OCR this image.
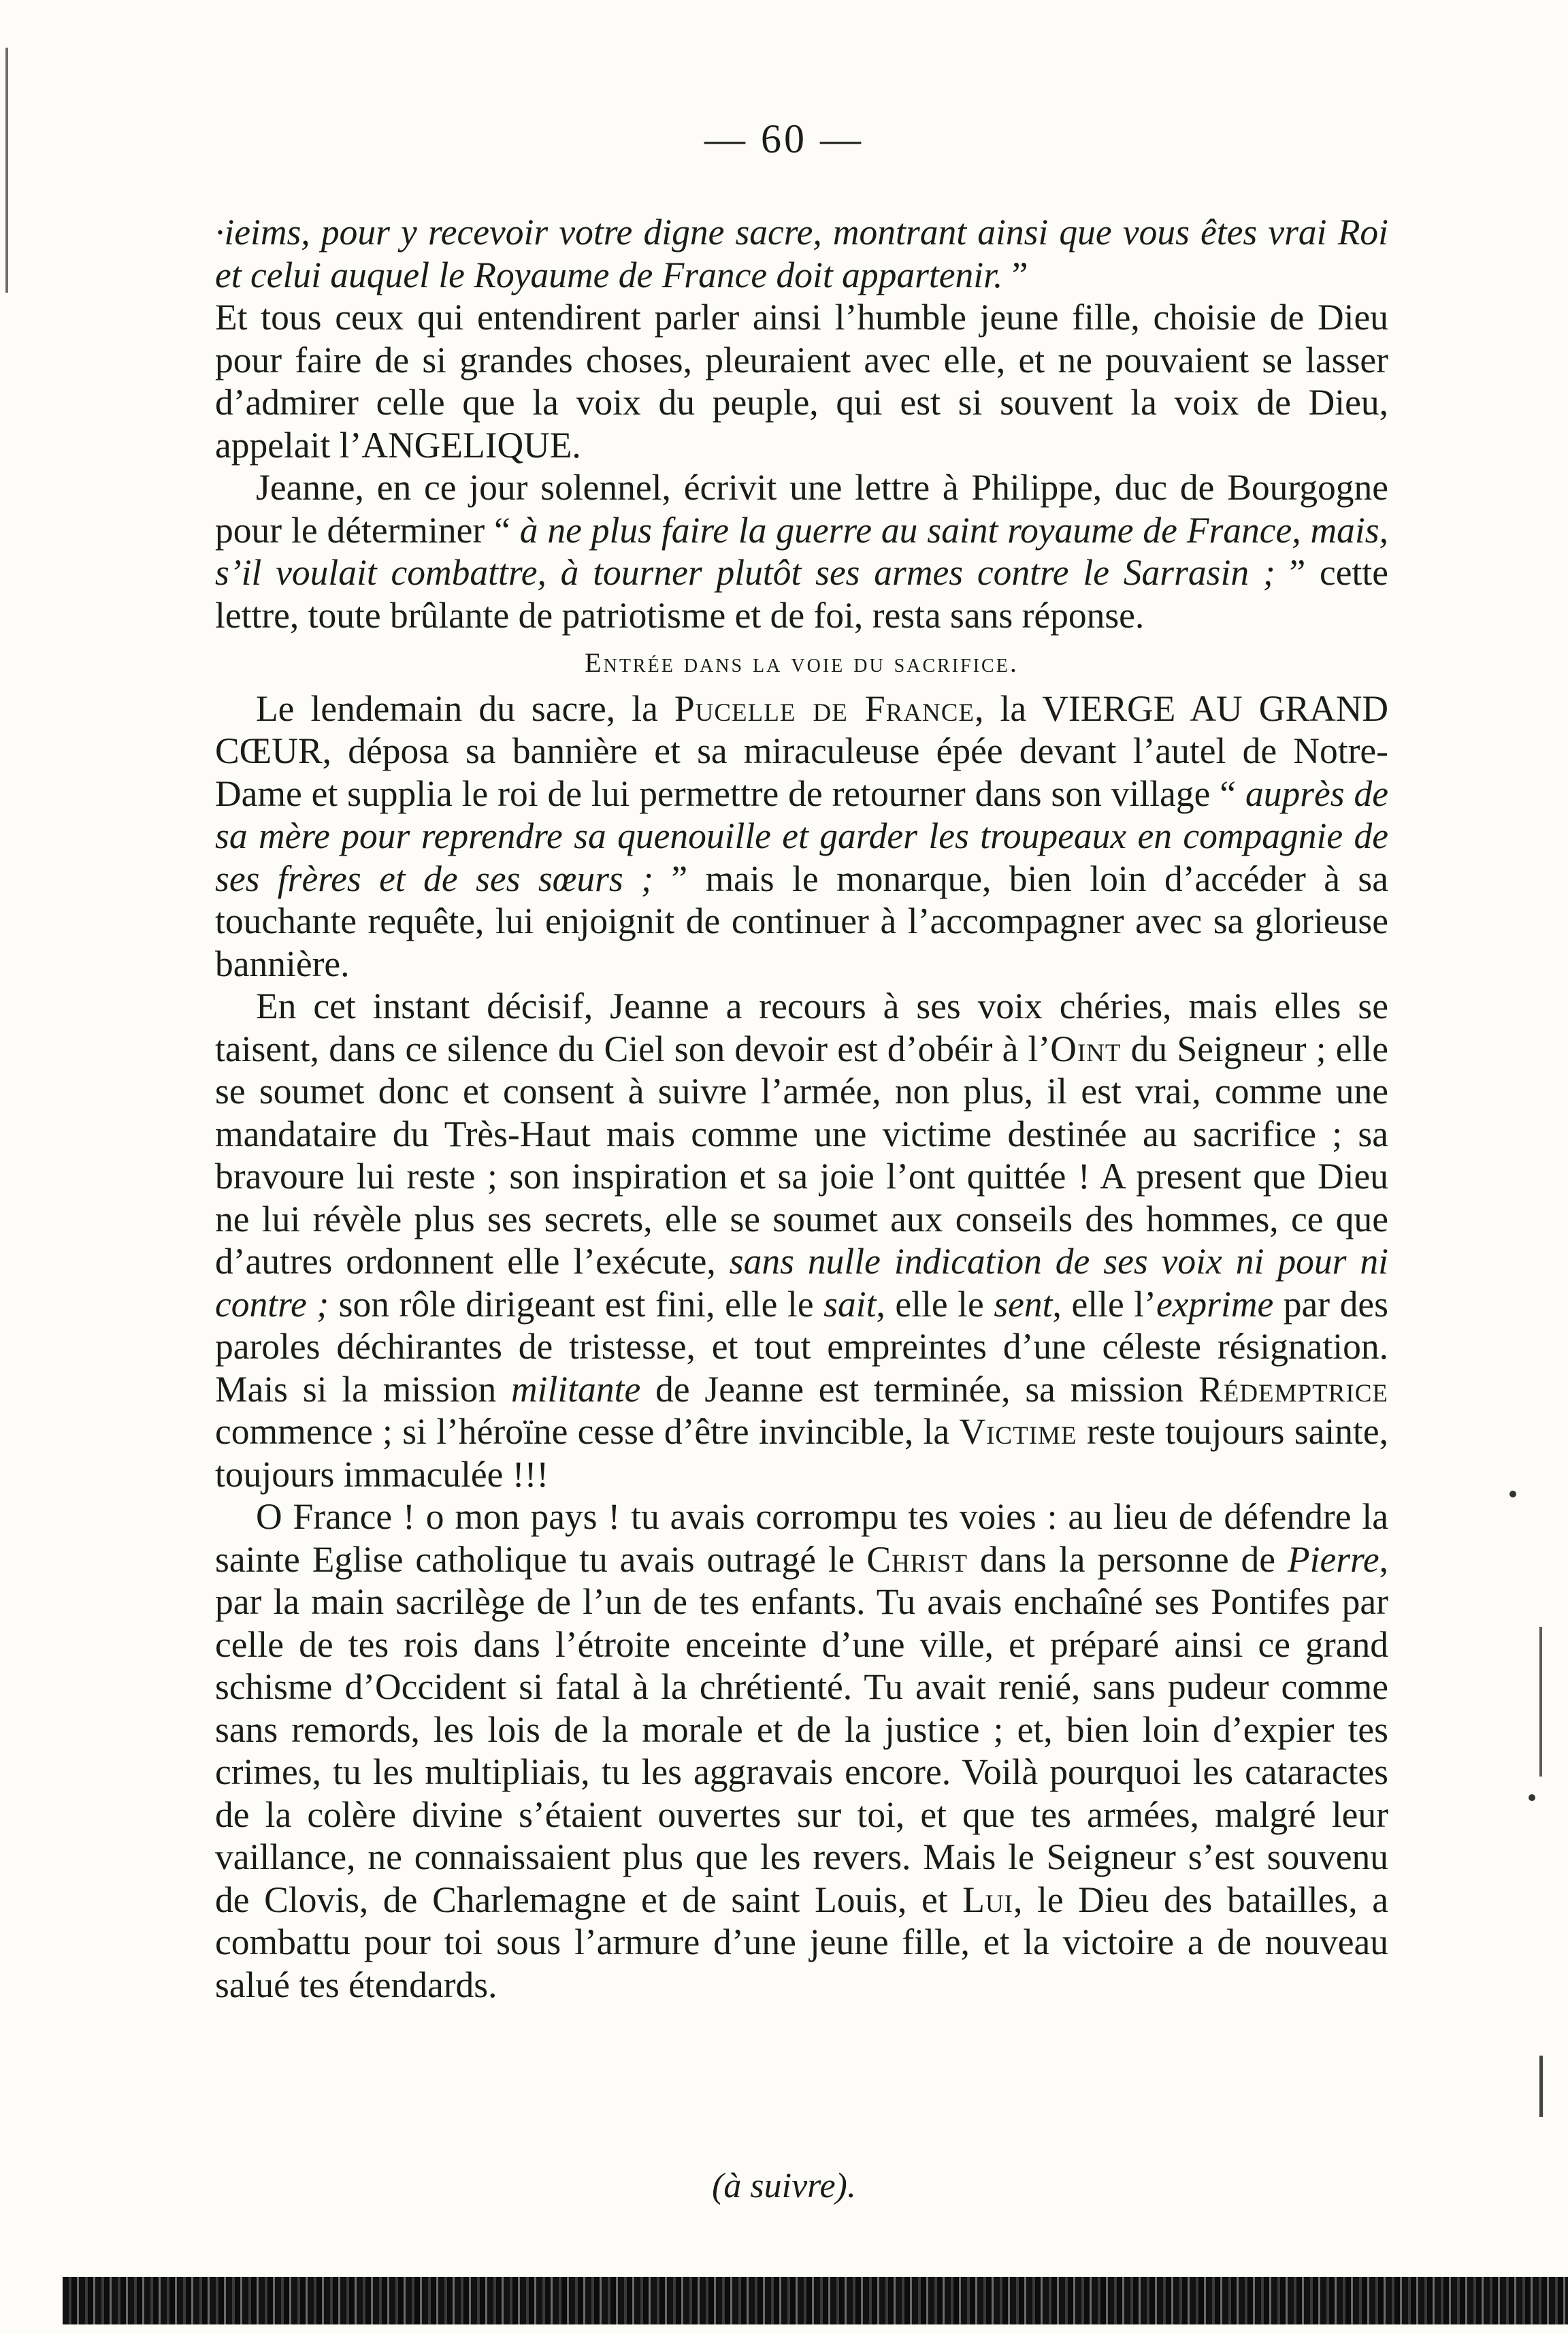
— 60 —

·ieims, pour y recevoir votre digne sacre, montrant ainsi que vous êtes vrai Roi et celui auquel le Royaume de France doit appartenir. ”

Et tous ceux qui entendirent parler ainsi l’humble jeune fille, choisie de Dieu pour faire de si grandes choses, pleuraient avec elle, et ne pouvaient se lasser d’admirer celle que la voix du peuple, qui est si souvent la voix de Dieu, appelait l’ANGELIQUE.

Jeanne, en ce jour solennel, écrivit une lettre à Philippe, duc de Bourgogne pour le déterminer “ à ne plus faire la guerre au saint royaume de France, mais, s’il voulait combattre, à tourner plutôt ses armes contre le Sarrasin ; ” cette lettre, toute brûlante de patriotisme et de foi, resta sans réponse.

Entrée dans la voie du sacrifice.

Le lendemain du sacre, la Pucelle de France, la VIERGE AU GRAND CŒUR, déposa sa bannière et sa miraculeuse épée devant l’autel de Notre-Dame et supplia le roi de lui permettre de retourner dans son village “ auprès de sa mère pour reprendre sa quenouille et garder les troupeaux en compagnie de ses frères et de ses sœurs ; ” mais le monarque, bien loin d’accéder à sa touchante requête, lui enjoignit de continuer à l’accompagner avec sa glorieuse bannière.

En cet instant décisif, Jeanne a recours à ses voix chéries, mais elles se taisent, dans ce silence du Ciel son devoir est d’obéir à l’Oint du Seigneur ; elle se soumet donc et consent à suivre l’armée, non plus, il est vrai, comme une mandataire du Très-Haut mais comme une victime destinée au sacrifice ; sa bravoure lui reste ; son inspiration et sa joie l’ont quittée ! A present que Dieu ne lui révèle plus ses secrets, elle se soumet aux conseils des hommes, ce que d’autres ordonnent elle l’exécute, sans nulle indication de ses voix ni pour ni contre ; son rôle dirigeant est fini, elle le sait, elle le sent, elle l’exprime par des paroles déchirantes de tristesse, et tout empreintes d’une céleste résignation. Mais si la mission militante de Jeanne est terminée, sa mission Rédemptrice commence ; si l’héroïne cesse d’être invincible, la Victime reste toujours sainte, toujours immaculée !!!

O France ! o mon pays ! tu avais corrompu tes voies : au lieu de défendre la sainte Eglise catholique tu avais outragé le Christ dans la personne de Pierre, par la main sacrilège de l’un de tes enfants. Tu avais enchaîné ses Pontifes par celle de tes rois dans l’étroite enceinte d’une ville, et préparé ainsi ce grand schisme d’Occident si fatal à la chrétienté. Tu avait renié, sans pudeur comme sans remords, les lois de la morale et de la justice ; et, bien loin d’expier tes crimes, tu les multipliais, tu les aggravais encore. Voilà pourquoi les cataractes de la colère divine s’étaient ouvertes sur toi, et que tes armées, malgré leur vaillance, ne connaissaient plus que les revers. Mais le Seigneur s’est souvenu de Clovis, de Charlemagne et de saint Louis, et Lui, le Dieu des batailles, a combattu pour toi sous l’armure d’une jeune fille, et la victoire a de nouveau salué tes étendards.

(à suivre).
